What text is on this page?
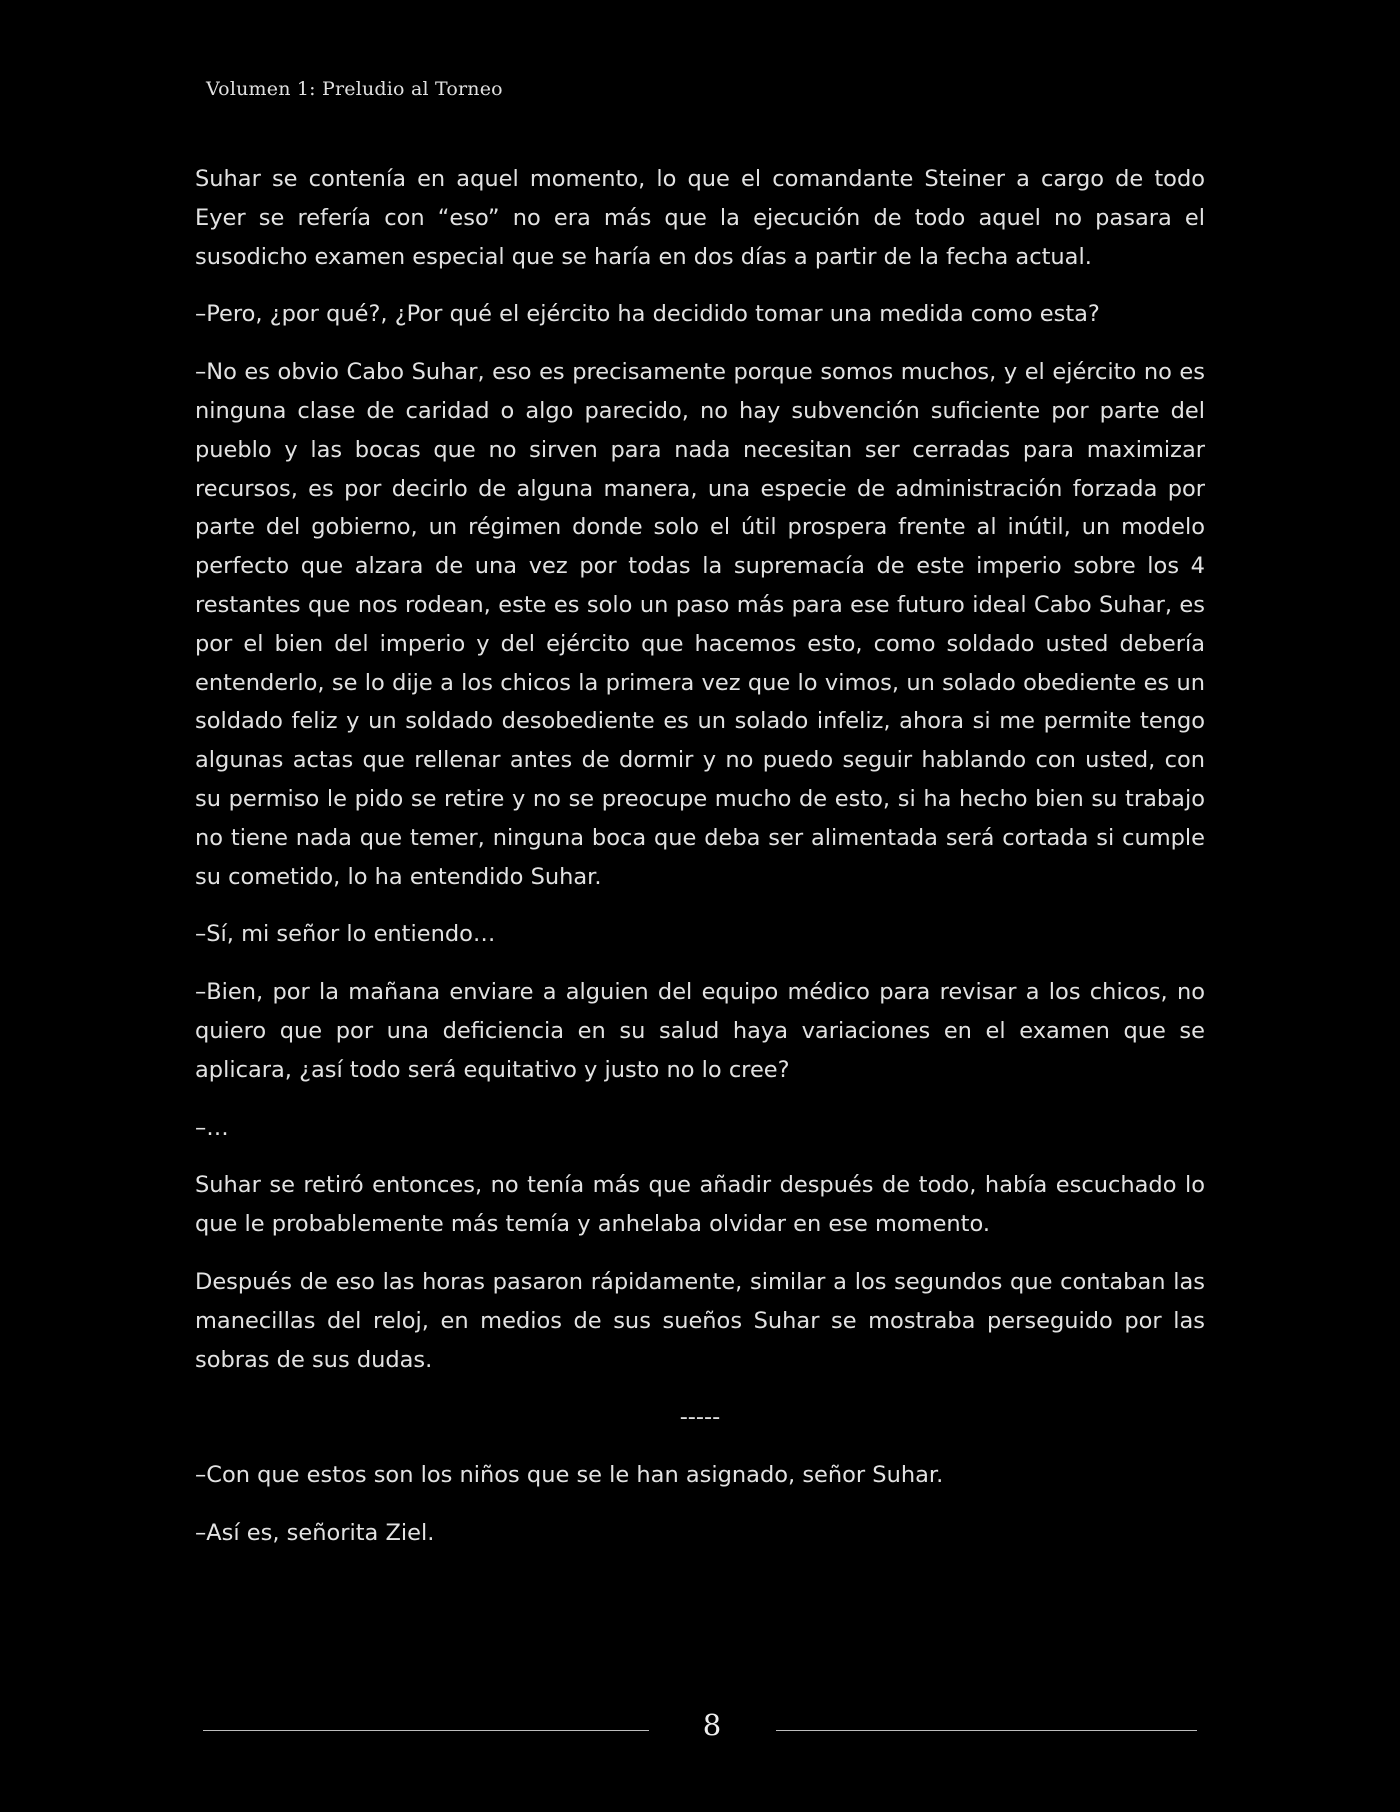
Volumen 1: Preludio al Torneo

Suhar se contenía en aquel momento, lo que el comandante Steiner a cargo de todo Eyer se refería con “eso” no era más que la ejecución de todo aquel no pasara el susodicho examen especial que se haría en dos días a partir de la fecha actual.

–Pero, ¿por qué?, ¿Por qué el ejército ha decidido tomar una medida como esta?

–No es obvio Cabo Suhar, eso es precisamente porque somos muchos, y el ejército no es ninguna clase de caridad o algo parecido, no hay subvención suficiente por parte del pueblo y las bocas que no sirven para nada necesitan ser cerradas para maximizar recursos, es por decirlo de alguna manera, una especie de administración forzada por parte del gobierno, un régimen donde solo el útil prospera frente al inútil, un modelo perfecto que alzara de una vez por todas la supremacía de este imperio sobre los 4 restantes que nos rodean, este es solo un paso más para ese futuro ideal Cabo Suhar, es por el bien del imperio y del ejército que hacemos esto, como soldado usted debería entenderlo, se lo dije a los chicos la primera vez que lo vimos, un solado obediente es un soldado feliz y un soldado desobediente es un solado infeliz, ahora si me permite tengo algunas actas que rellenar antes de dormir y no puedo seguir hablando con usted, con su permiso le pido se retire y no se preocupe mucho de esto, si ha hecho bien su trabajo no tiene nada que temer, ninguna boca que deba ser alimentada será cortada si cumple su cometido, lo ha entendido Suhar.

–Sí, mi señor lo entiendo…

–Bien, por la mañana enviare a alguien del equipo médico para revisar a los chicos, no quiero que por una deficiencia en su salud haya variaciones en el examen que se aplicara, ¿así todo será equitativo y justo no lo cree?

–…

Suhar se retiró entonces, no tenía más que añadir después de todo, había escuchado lo que le probablemente más temía y anhelaba olvidar en ese momento.

Después de eso las horas pasaron rápidamente, similar a los segundos que contaban las manecillas del reloj, en medios de sus sueños Suhar se mostraba perseguido por las sobras de sus dudas.

-----

–Con que estos son los niños que se le han asignado, señor Suhar.

–Así es, señorita Ziel.

8
